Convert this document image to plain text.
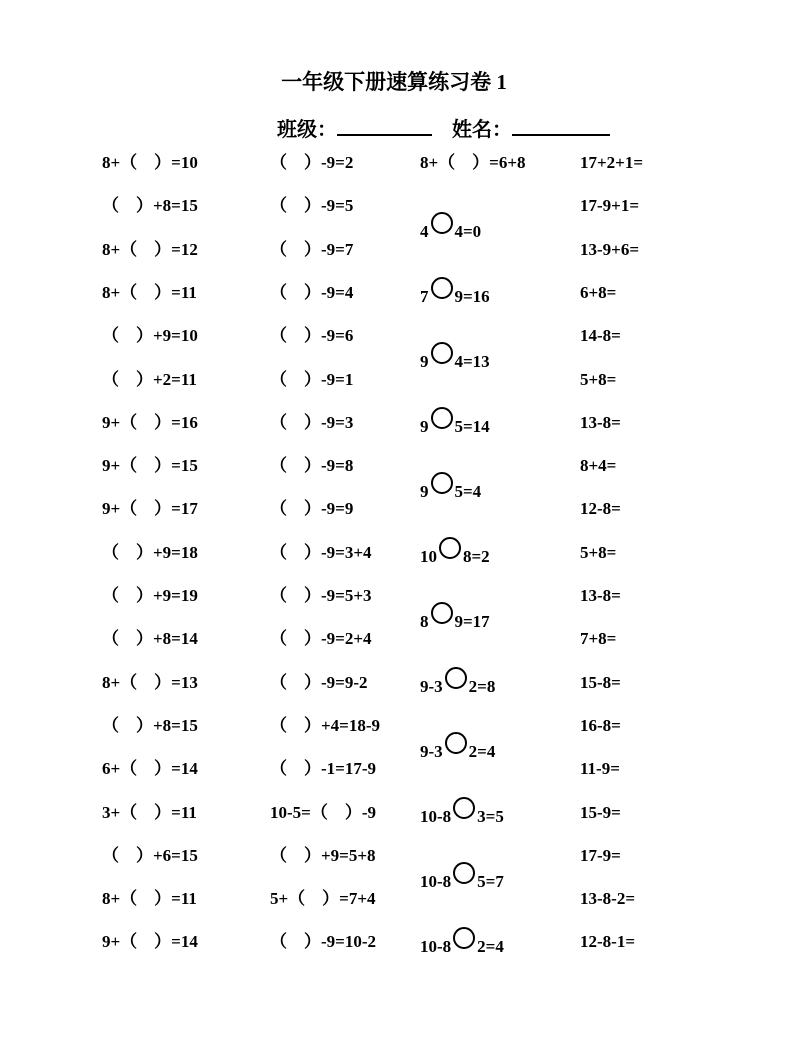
一年级下册速算练习卷 1
班级：　	姓名：
8+（　）=10
（　）+8=15
8+（　）=12
8+（　）=11
（　）+9=10
（　）+2=11
9+（　）=16
9+（　）=15
9+（　）=17
（　）+9=18
（　）+9=19
（　）+8=14
8+（　）=13
（　）+8=15
6+（　）=14
3+（　）=11
（　）+6=15
8+（　）=11
9+（　）=14
（　）-9=2
（　）-9=5
（　）-9=7
（　）-9=4
（　）-9=6
（　）-9=1
（　）-9=3
（　）-9=8
（　）-9=9
（　）-9=3+4
（　）-9=5+3
（　）-9=2+4
（　）-9=9-2
（　）+4=18-9
（　）-1=17-9
10-5=（　）-9
（　）+9=5+8
5+（　）=7+4
（　）-9=10-2
8+（　）=6+8
4 4=0
7 9=16
9 4=13
9 5=14
9 5=4
10 8=2
8 9=17
9-3 2=8
9-3 2=4
10-8 3=5
10-8 5=7
10-8 2=4
17+2+1=
17-9+1=
13-9+6=
6+8=
14-8=
5+8=
13-8=
8+4=
12-8=
5+8=
13-8=
7+8=
15-8=
16-8=
11-9=
15-9=
17-9=
13-8-2=
12-8-1=
